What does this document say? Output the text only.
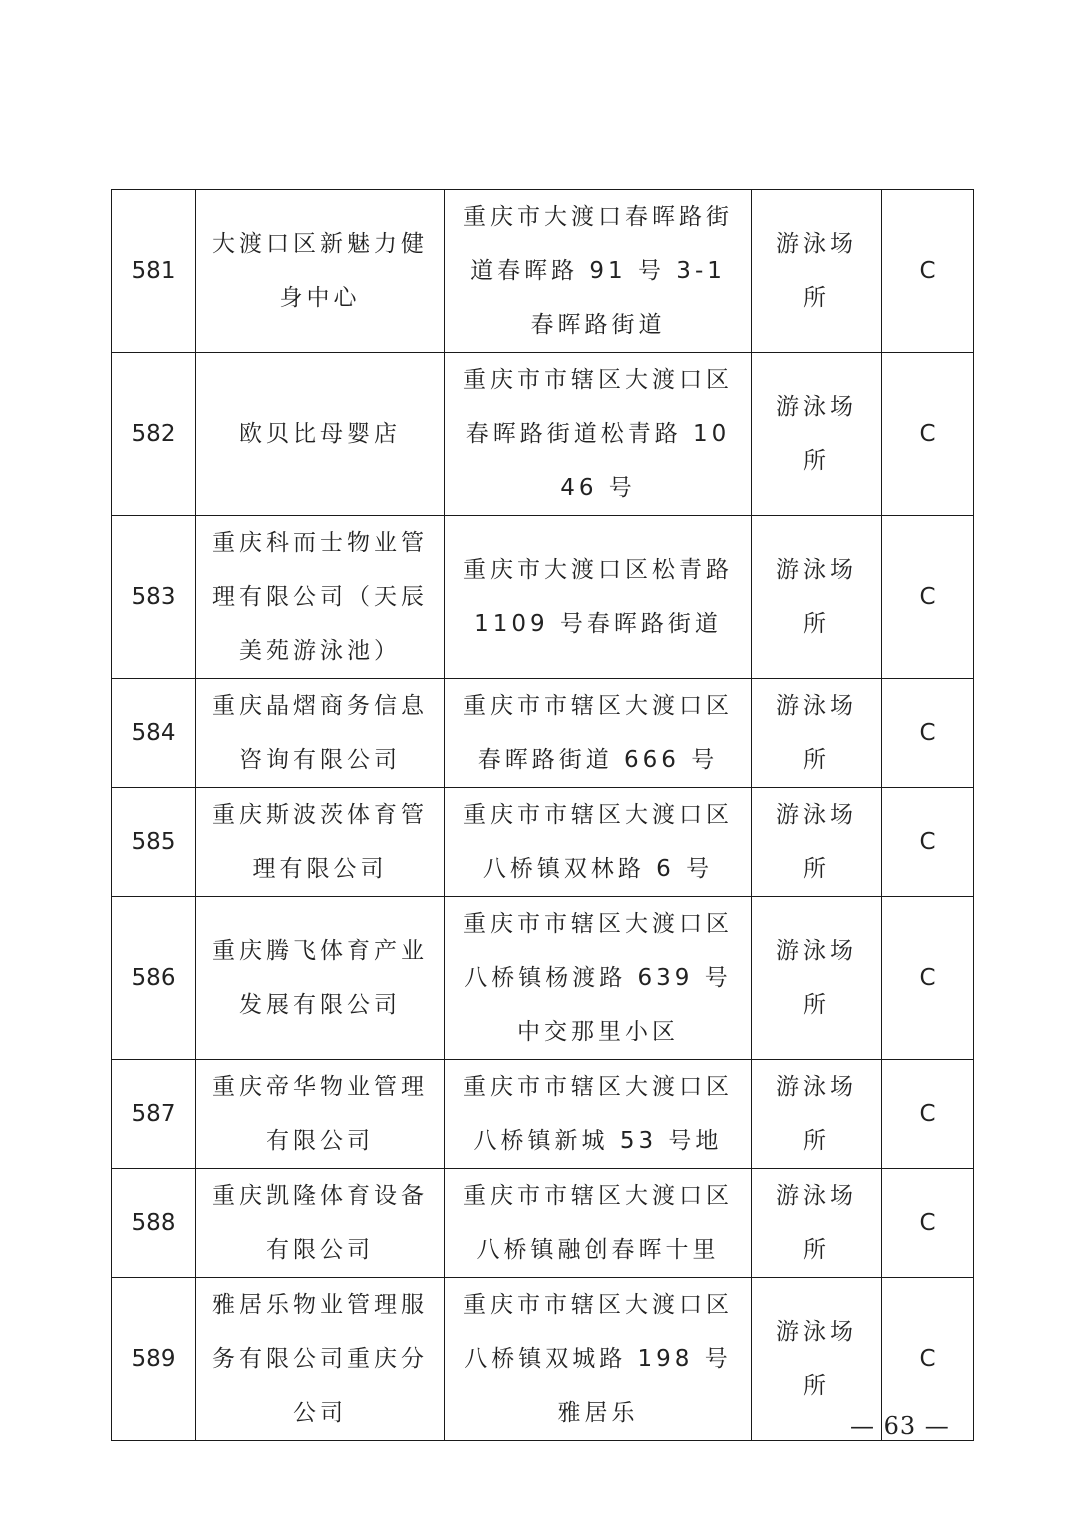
581	大渡口区新魅力健身中心	重庆市大渡口春晖路街道春晖路 91 号 3-1 春晖路街道	游泳场所	C
582	欧贝比母婴店	重庆市市辖区大渡口区春晖路街道松青路 1046 号	游泳场所	C
583	重庆科而士物业管理有限公司（天辰美苑游泳池）	重庆市大渡口区松青路 1109 号春晖路街道	游泳场所	C
584	重庆晶熠商务信息咨询有限公司	重庆市市辖区大渡口区春晖路街道 666 号	游泳场所	C
585	重庆斯波茨体育管理有限公司	重庆市市辖区大渡口区八桥镇双林路 6 号	游泳场所	C
586	重庆腾飞体育产业发展有限公司	重庆市市辖区大渡口区八桥镇杨渡路 639 号中交那里小区	游泳场所	C
587	重庆帝华物业管理有限公司	重庆市市辖区大渡口区八桥镇新城 53 号地	游泳场所	C
588	重庆凯隆体育设备有限公司	重庆市市辖区大渡口区八桥镇融创春晖十里	游泳场所	C
589	雅居乐物业管理服务有限公司重庆分公司	重庆市市辖区大渡口区八桥镇双城路 198 号雅居乐	游泳场所	C
— 63 —
